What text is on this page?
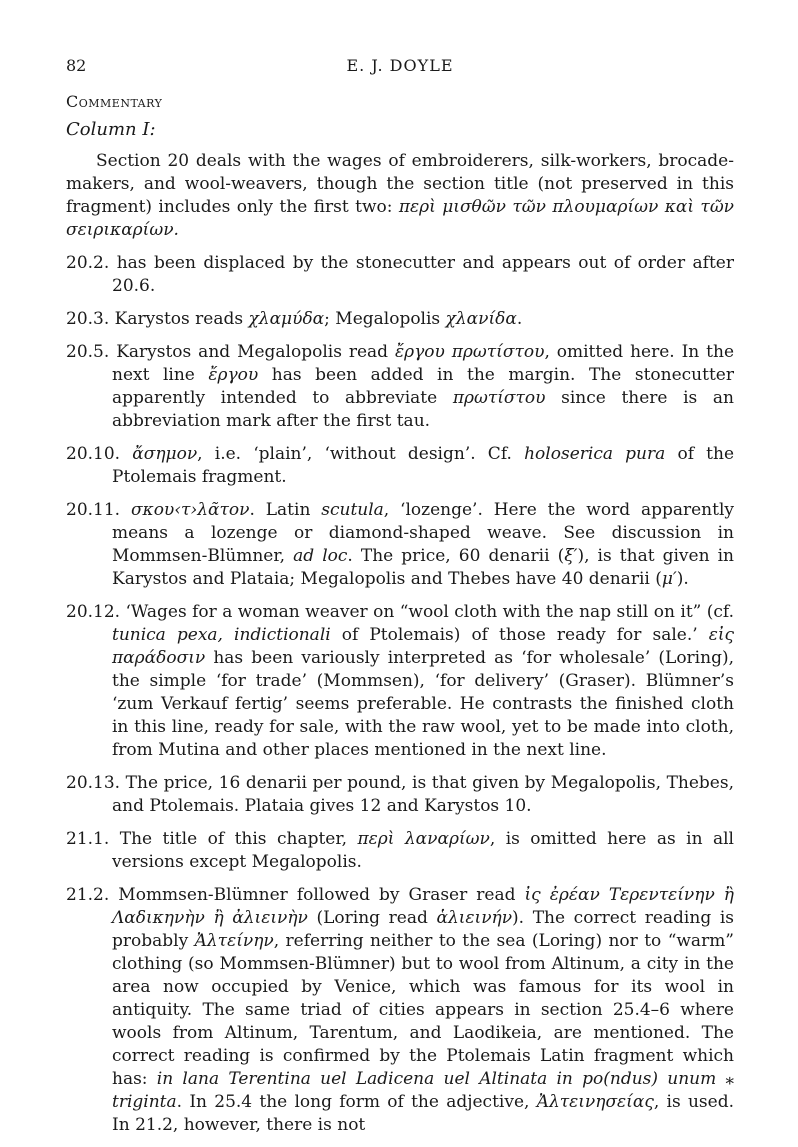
82	E. J. DOYLE
Commentary
Column I:

Section 20 deals with the wages of embroiderers, silk-workers, brocade-makers, and wool-weavers, though the section title (not preserved in this fragment) includes only the first two: περὶ μισθῶν τῶν πλουμαρίων καὶ τῶν σειρικαρίων.

20.2. has been displaced by the stonecutter and appears out of order after 20.6.

20.3. Karystos reads χλαμύδα; Megalopolis χλανίδα.

20.5. Karystos and Megalopolis read ἔργου πρωτίστου, omitted here. In the next line ἔργου has been added in the margin. The stonecutter apparently intended to abbreviate πρωτίστου since there is an abbreviation mark after the first tau.

20.10. ἄσημον, i.e. ‘plain’, ‘without design’. Cf. holoserica pura of the Ptolemais fragment.

20.11. σκου‹τ›λᾶτον. Latin scutula, ‘lozenge’. Here the word apparently means a lozenge or diamond-shaped weave. See discussion in Mommsen-Blümner, ad loc. The price, 60 denarii (ξ′), is that given in Karystos and Plataia; Megalopolis and Thebes have 40 denarii (μ′).

20.12. ‘Wages for a woman weaver on “wool cloth with the nap still on it” (cf. tunica pexa, indictionali of Ptolemais) of those ready for sale.’ εἰς παράδοσιν has been variously interpreted as ‘for wholesale’ (Loring), the simple ‘for trade’ (Mommsen), ‘for delivery’ (Graser). Blümner’s ‘zum Verkauf fertig’ seems preferable. He contrasts the finished cloth in this line, ready for sale, with the raw wool, yet to be made into cloth, from Mutina and other places mentioned in the next line.

20.13. The price, 16 denarii per pound, is that given by Megalopolis, Thebes, and Ptolemais. Plataia gives 12 and Karystos 10.

21.1. The title of this chapter, περὶ λαναρίων, is omitted here as in all versions except Megalopolis.

21.2. Mommsen-Blümner followed by Graser read ἰς ἐρέαν Τερεντείνην ἢ Λαδικηνὴν ἢ ἀλιεινὴν (Loring read ἁλιεινήν). The correct reading is probably Ἀλτείνην, referring neither to the sea (Loring) nor to “warm” clothing (so Mommsen-Blümner) but to wool from Altinum, a city in the area now occupied by Venice, which was famous for its wool in antiquity. The same triad of cities appears in section 25.4–6 where wools from Altinum, Tarentum, and Laodikeia, are mentioned. The correct reading is confirmed by the Ptolemais Latin fragment which has: in lana Terentina uel Ladicena uel Altinata in po(ndus) unum ⁎ triginta. In 25.4 the long form of the adjective, Ἀλτεινησείας, is used. In 21.2, however, there is not
